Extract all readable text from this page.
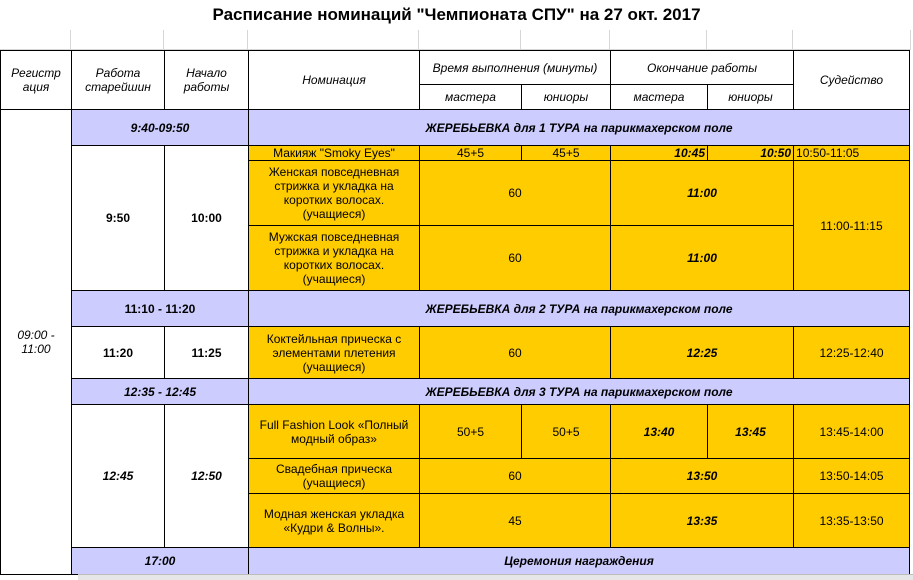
Расписание номинаций "Чемпионата СПУ" на 27 окт. 2017
Регистр ация	Работа старейшин	Начало работы	Номинация	Время выполнения (минуты)		Окончание работы		Судейство
				мастера	юниоры	мастера	юниоры	
09:00 - 11:00	9:40-09:50		ЖЕРЕБЬЕВКА для 1 ТУРА на парикмахерском поле					
	9:50	10:00	Макияж "Smoky Eyes"	45+5	45+5	10:45	10:50	10:50-11:05
			Женская повседневная стрижка и укладка на коротких волосах. (учащиеся)	60		11:00		11:00-11:15
			Мужская повседневная стрижка и укладка на коротких волосах. (учащиеся)	60		11:00		
	11:10 - 11:20		ЖЕРЕБЬЕВКА для 2 ТУРА на парикмахерском поле					
	11:20	11:25	Коктейльная прическа с элементами плетения (учащиеся)	60		12:25		12:25-12:40
	12:35 - 12:45		ЖЕРЕБЬЕВКА для 3 ТУРА на парикмахерском поле					
	12:45	12:50	Full Fashion Look «Полный модный образ»	50+5	50+5	13:40	13:45	13:45-14:00
			Свадебная прическа (учащиеся)	60		13:50		13:50-14:05
			Модная женская укладка «Кудри & Волны».	45		13:35		13:35-13:50
	17:00		Церемония награждения					
